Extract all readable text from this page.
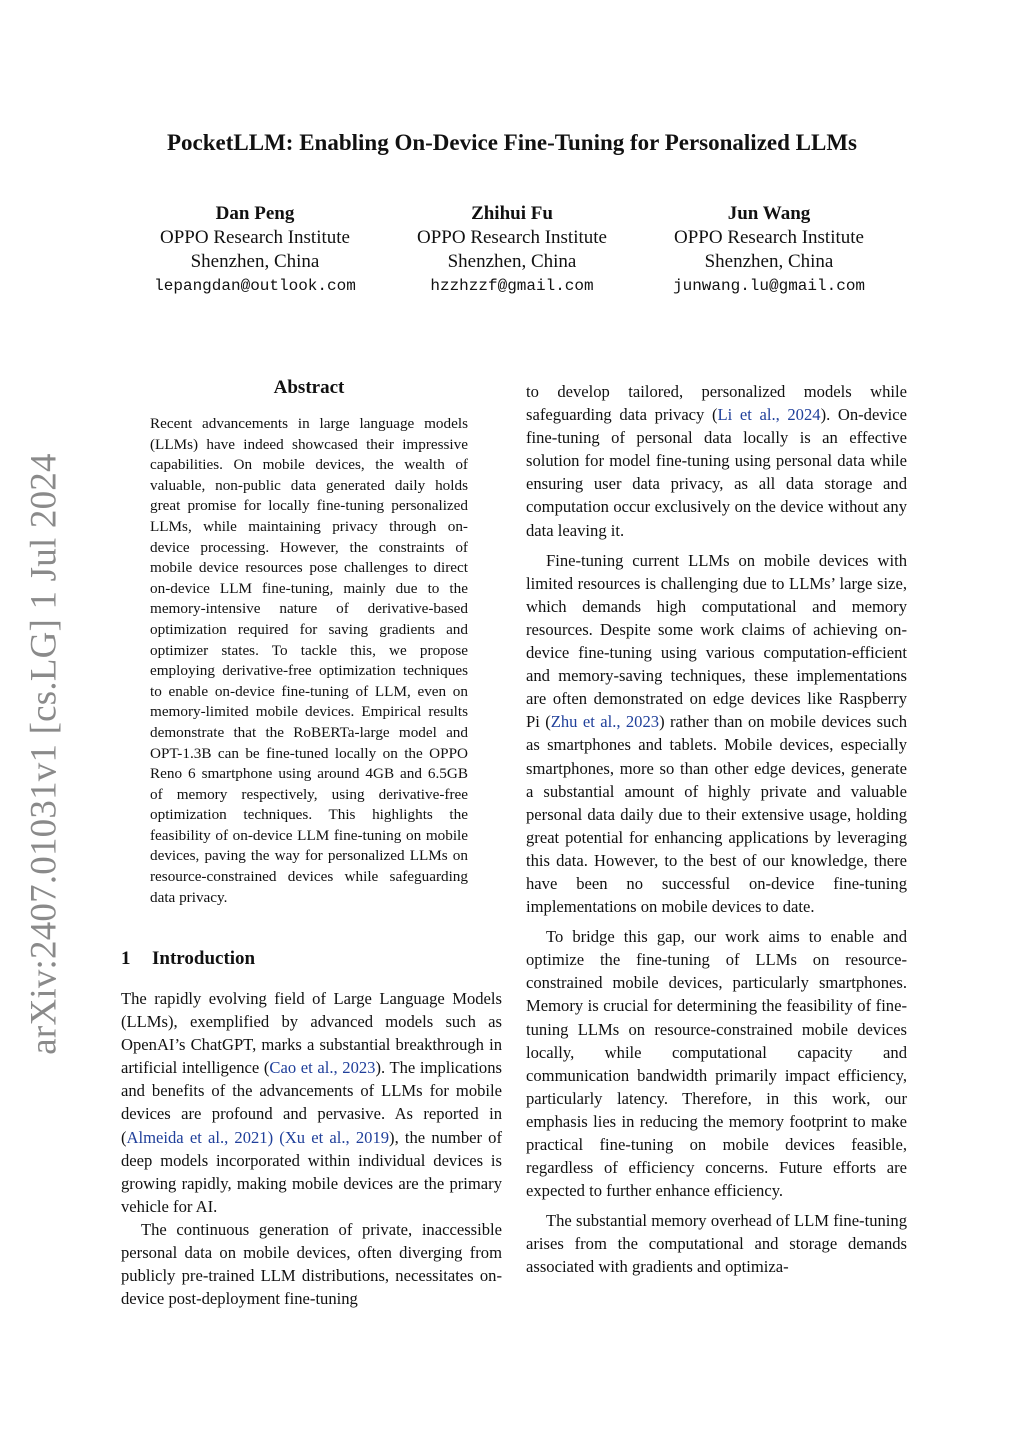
arXiv:2407.01031v1 [cs.LG] 1 Jul 2024
PocketLLM: Enabling On-Device Fine-Tuning for Personalized LLMs
Dan Peng
OPPO Research Institute
Shenzhen, China
lepangdan@outlook.com
Zhihui Fu
OPPO Research Institute
Shenzhen, China
hzzhzzf@gmail.com
Jun Wang
OPPO Research Institute
Shenzhen, China
junwang.lu@gmail.com
Abstract
Recent advancements in large language models (LLMs) have indeed showcased their impressive capabilities. On mobile devices, the wealth of valuable, non-public data generated daily holds great promise for locally fine-tuning personalized LLMs, while maintaining privacy through on-device processing. However, the constraints of mobile device resources pose challenges to direct on-device LLM fine-tuning, mainly due to the memory-intensive nature of derivative-based optimization required for saving gradients and optimizer states. To tackle this, we propose employing derivative-free optimization techniques to enable on-device fine-tuning of LLM, even on memory-limited mobile devices. Empirical results demonstrate that the RoBERTa-large model and OPT-1.3B can be fine-tuned locally on the OPPO Reno 6 smartphone using around 4GB and 6.5GB of memory respectively, using derivative-free optimization techniques. This highlights the feasibility of on-device LLM fine-tuning on mobile devices, paving the way for personalized LLMs on resource-constrained devices while safeguarding data privacy.
1 Introduction

The rapidly evolving field of Large Language Models (LLMs), exemplified by advanced models such as OpenAI’s ChatGPT, marks a substantial breakthrough in artificial intelligence (Cao et al., 2023). The implications and benefits of the advancements of LLMs for mobile devices are profound and pervasive. As reported in (Almeida et al., 2021) (Xu et al., 2019), the number of deep models incorporated within individual devices is growing rapidly, making mobile devices are the primary vehicle for AI.

The continuous generation of private, inaccessible personal data on mobile devices, often diverging from publicly pre-trained LLM distributions, necessitates on-device post-deployment fine-tuning

to develop tailored, personalized models while safeguarding data privacy (Li et al., 2024). On-device fine-tuning of personal data locally is an effective solution for model fine-tuning using personal data while ensuring user data privacy, as all data storage and computation occur exclusively on the device without any data leaving it.

Fine-tuning current LLMs on mobile devices with limited resources is challenging due to LLMs’ large size, which demands high computational and memory resources. Despite some work claims of achieving on-device fine-tuning using various computation-efficient and memory-saving techniques, these implementations are often demonstrated on edge devices like Raspberry Pi (Zhu et al., 2023) rather than on mobile devices such as smartphones and tablets. Mobile devices, especially smartphones, more so than other edge devices, generate a substantial amount of highly private and valuable personal data daily due to their extensive usage, holding great potential for enhancing applications by leveraging this data. However, to the best of our knowledge, there have been no successful on-device fine-tuning implementations on mobile devices to date.

To bridge this gap, our work aims to enable and optimize the fine-tuning of LLMs on resource-constrained mobile devices, particularly smartphones. Memory is crucial for determining the feasibility of fine-tuning LLMs on resource-constrained mobile devices locally, while computational capacity and communication bandwidth primarily impact efficiency, particularly latency. Therefore, in this work, our emphasis lies in reducing the memory footprint to make practical fine-tuning on mobile devices feasible, regardless of efficiency concerns. Future efforts are expected to further enhance efficiency.

The substantial memory overhead of LLM fine-tuning arises from the computational and storage demands associated with gradients and optimiza-
